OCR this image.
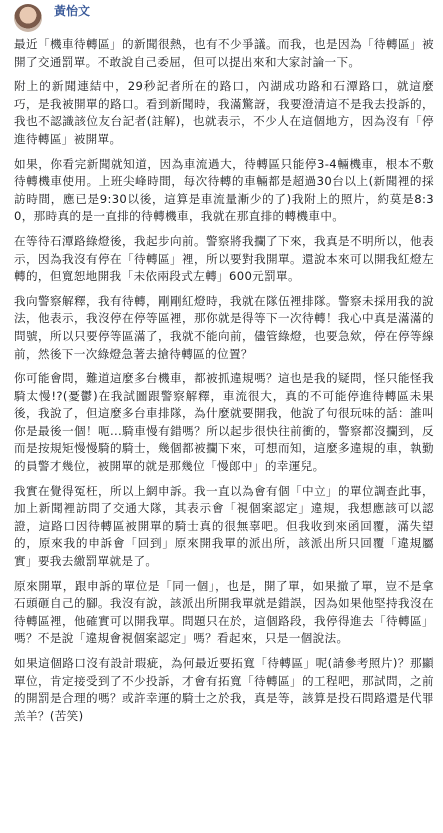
黃怡文

最近「機車待轉區」的新聞很熱，也有不少爭議。而我，也是因為「待轉區」被開了交通罰單。不敢說自己委屈，但可以提出來和大家討論一下。

附上的新聞連結中，29秒記者所在的路口，內湖成功路和石潭路口，就這麼巧，是我被開單的路口。看到新聞時，我滿驚訝，我要澄清這不是我去投訴的，我也不認識該位友台記者(註解)，也就表示，不少人在這個地方，因為沒有「停進待轉區」被開單。

如果，你看完新聞就知道，因為車流過大，待轉區只能停3-4輛機車，根本不敷待轉機車使用。上班尖峰時間，每次待轉的車輛都是超過30台以上(新聞裡的採訪時間，應已是9:30以後，這算是車流量漸少的了)我附上的照片，約莫是8:30，那時真的是一直排的待轉機車，我就在那直排的轉機車中。

在等待石潭路綠燈後，我起步向前。警察將我攔了下來，我真是不明所以，他表示，因為我沒有停在「待轉區」裡，所以要對我開單。還說本來可以開我紅燈左轉的，但寬恕地開我「未依兩段式左轉」600元罰單。

我向警察解釋，我有待轉，剛剛紅燈時，我就在隊伍裡排隊。警察未採用我的說法，他表示，我沒停在停等區裡，那你就是得等下一次待轉！我心中真是滿滿的問號，所以只要停等區滿了，我就不能向前，儘管綠燈，也要急欸，停在停等線前，然後下一次綠燈急著去搶待轉區的位置？

你可能會問，難道這麼多台機車，都被抓違規嗎？這也是我的疑問，怪只能怪我騎太慢!?(憂鬱)在我試圖跟警察解釋，車流很大，真的不可能停進待轉區未果後，我說了，但這麼多台車排隊，為什麼就要開我，他說了句很玩味的話：誰叫你是最後一個！呃...騎車慢有錯嗎？所以起步很快往前衝的，警察都沒攔到，反而是按規矩慢慢騎的騎士，幾個都被攔下來，可想而知，這麼多違規的車，執勤的員警才幾位，被開單的就是那幾位「慢郎中」的幸運兒。

我實在覺得冤枉，所以上網申訴。我一直以為會有個「中立」的單位調查此事，加上新聞裡訪問了交通大隊，其表示會「視個案認定」違規，我想應該可以認證，這路口因待轉區被開單的騎士真的很無辜吧。但我收到來函回覆，滿失望的，原來我的申訴會「回到」原來開我單的派出所，該派出所只回覆「違規屬實」要我去繳罰單就是了。

原來開單，跟申訴的單位是「同一個」，也是，開了單，如果撤了單，豈不是拿石頭砸自己的腳。我沒有說，該派出所開我單就是錯誤，因為如果他堅持我沒在待轉區裡，他確實可以開我單。問題只在於，這個路段，我停得進去「待轉區」嗎？不是說「違規會視個案認定」嗎？看起來，只是一個說法。

如果這個路口沒有設計瑕疵，為何最近要拓寬「待轉區」呢(請參考照片)？那顯單位，肯定接受到了不少投訴，才會有拓寬「待轉區」的工程吧，那試問，之前的開罰是合理的嗎？或許幸運的騎士之於我，真是等，該算是投石問路還是代罪羔羊？(苦笑)
